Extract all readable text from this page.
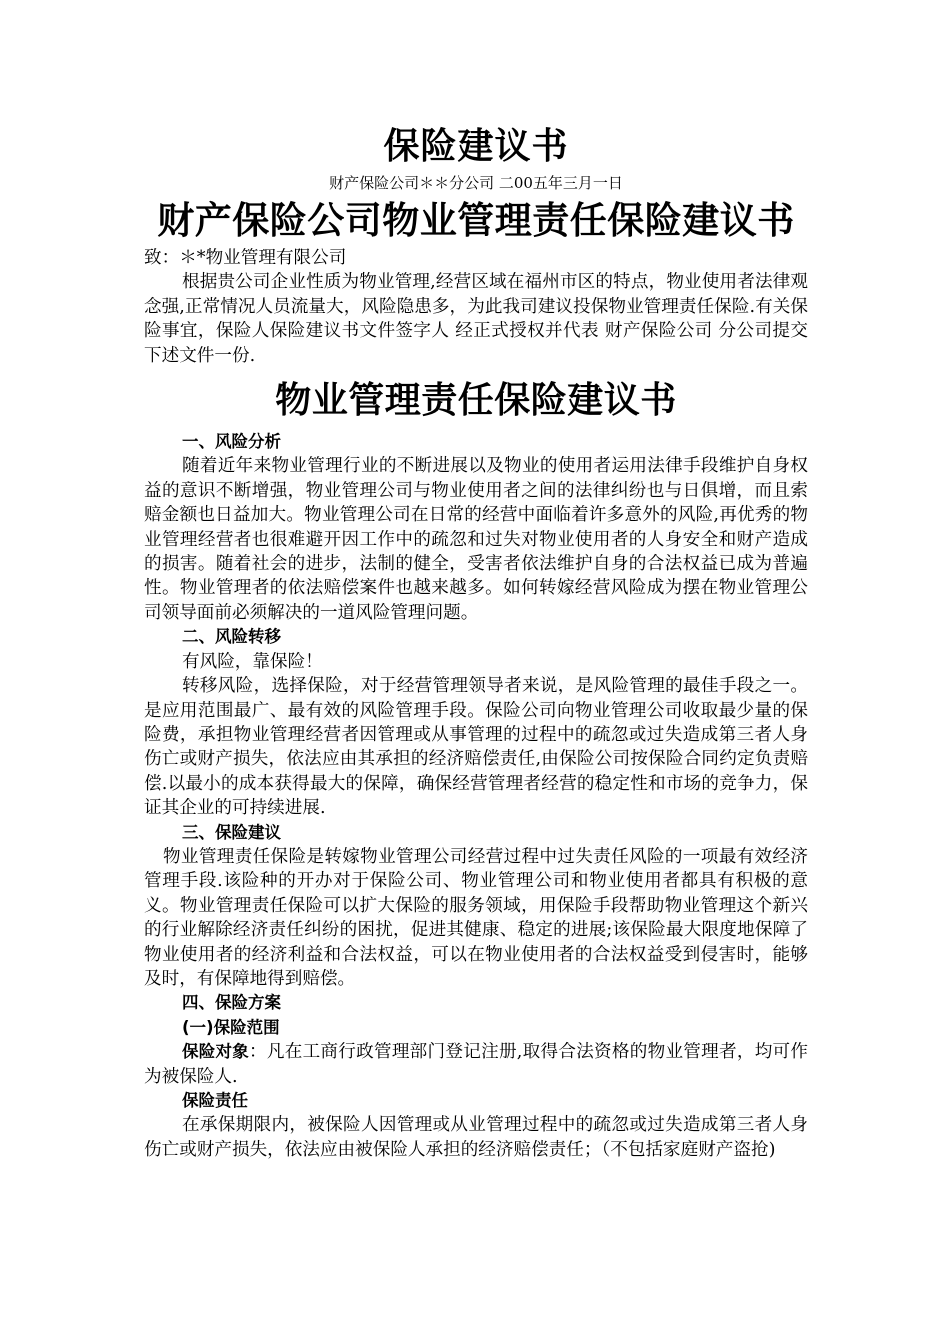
保险建议书

财产保险公司＊＊分公司 二00五年三月一日

财产保险公司物业管理责任保险建议书

致：＊*物业管理有限公司

根据贵公司企业性质为物业管理,经营区域在福州市区的特点，物业使用者法律观念强,正常情况人员流量大，风险隐患多，为此我司建议投保物业管理责任保险.有关保险事宜，保险人保险建议书文件签字人 经正式授权并代表 财产保险公司 分公司提交下述文件一份.

物业管理责任保险建议书
一、风险分析

随着近年来物业管理行业的不断进展以及物业的使用者运用法律手段维护自身权益的意识不断增强，物业管理公司与物业使用者之间的法律纠纷也与日俱增，而且索赔金额也日益加大。物业管理公司在日常的经营中面临着许多意外的风险,再优秀的物业管理经营者也很难避开因工作中的疏忽和过失对物业使用者的人身安全和财产造成的损害。随着社会的进步，法制的健全，受害者依法维护自身的合法权益已成为普遍性。物业管理者的依法赔偿案件也越来越多。如何转嫁经营风险成为摆在物业管理公司领导面前必须解决的一道风险管理问题。

二、风险转移

有风险，靠保险！

转移风险，选择保险，对于经营管理领导者来说，是风险管理的最佳手段之一。是应用范围最广、最有效的风险管理手段。保险公司向物业管理公司收取最少量的保险费，承担物业管理经营者因管理或从事管理的过程中的疏忽或过失造成第三者人身伤亡或财产损失，依法应由其承担的经济赔偿责任,由保险公司按保险合同约定负责赔偿.以最小的成本获得最大的保障，确保经营管理者经营的稳定性和市场的竞争力，保证其企业的可持续进展.

三、保险建议

物业管理责任保险是转嫁物业管理公司经营过程中过失责任风险的一项最有效经济管理手段.该险种的开办对于保险公司、物业管理公司和物业使用者都具有积极的意义。物业管理责任保险可以扩大保险的服务领域，用保险手段帮助物业管理这个新兴的行业解除经济责任纠纷的困扰，促进其健康、稳定的进展;该保险最大限度地保障了物业使用者的经济利益和合法权益，可以在物业使用者的合法权益受到侵害时，能够及时，有保障地得到赔偿。

四、保险方案
(一)保险范围

保险对象：凡在工商行政管理部门登记注册,取得合法资格的物业管理者，均可作为被保险人.

保险责任

在承保期限内，被保险人因管理或从业管理过程中的疏忽或过失造成第三者人身伤亡或财产损失，依法应由被保险人承担的经济赔偿责任；（不包括家庭财产盗抢)
